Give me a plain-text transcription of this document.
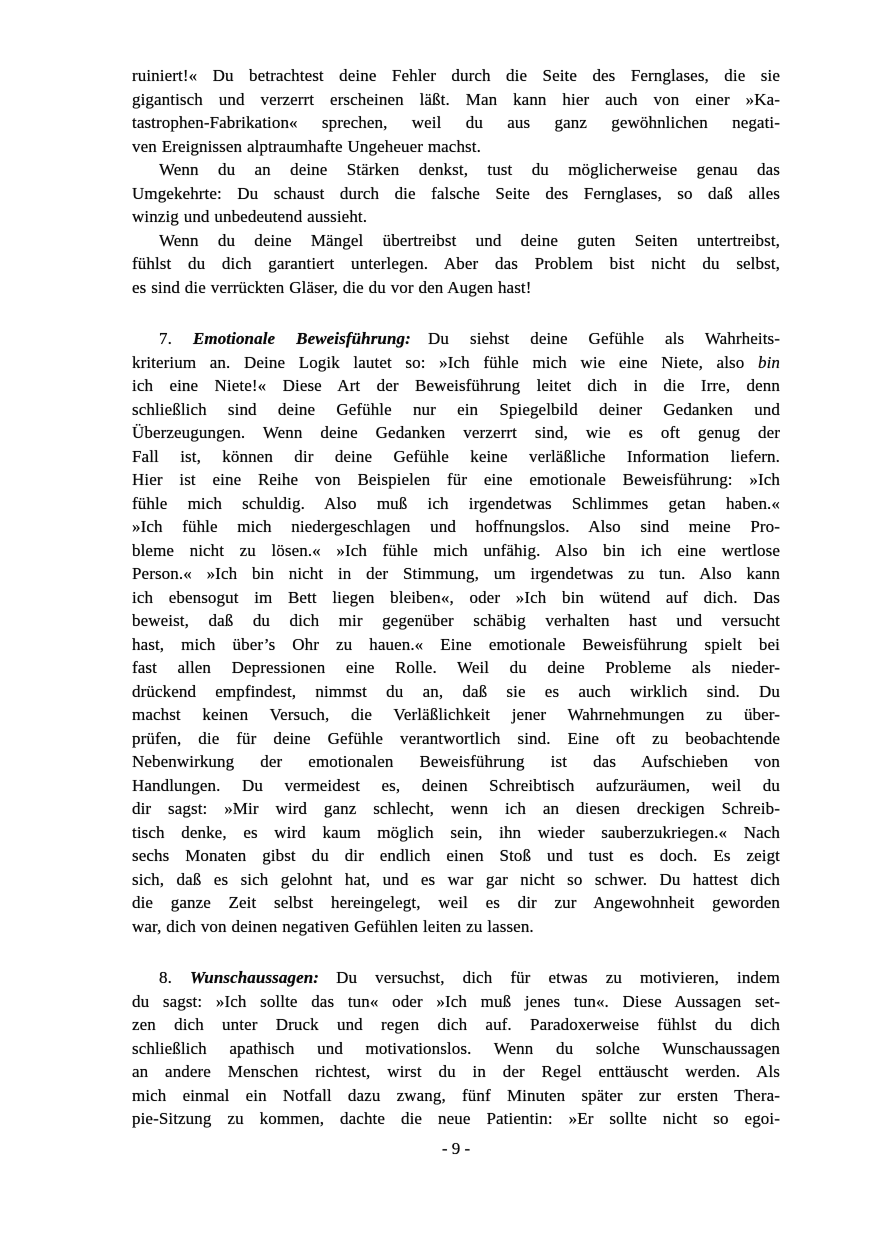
ruiniert!« Du betrachtest deine Fehler durch die Seite des Fernglases, die sie
gigantisch und verzerrt erscheinen läßt. Man kann hier auch von einer »Ka-
tastrophen-Fabrikation« sprechen, weil du aus ganz gewöhnlichen negati-
ven Ereignissen alptraumhafte Ungeheuer machst.
Wenn du an deine Stärken denkst, tust du möglicherweise genau das
Umgekehrte: Du schaust durch die falsche Seite des Fernglases, so daß alles
winzig und unbedeutend aussieht.
Wenn du deine Mängel übertreibst und deine guten Seiten untertreibst,
fühlst du dich garantiert unterlegen. Aber das Problem bist nicht du selbst,
es sind die verrückten Gläser, die du vor den Augen hast!
7. Emotionale Beweisführung: Du siehst deine Gefühle als Wahrheits-
kriterium an. Deine Logik lautet so: »Ich fühle mich wie eine Niete, also bin
ich eine Niete!« Diese Art der Beweisführung leitet dich in die Irre, denn
schließlich sind deine Gefühle nur ein Spiegelbild deiner Gedanken und
Überzeugungen. Wenn deine Gedanken verzerrt sind, wie es oft genug der
Fall ist, können dir deine Gefühle keine verläßliche Information liefern.
Hier ist eine Reihe von Beispielen für eine emotionale Beweisführung: »Ich
fühle mich schuldig. Also muß ich irgendetwas Schlimmes getan haben.«
»Ich fühle mich niedergeschlagen und hoffnungslos. Also sind meine Pro-
bleme nicht zu lösen.« »Ich fühle mich unfähig. Also bin ich eine wertlose
Person.« »Ich bin nicht in der Stimmung, um irgendetwas zu tun. Also kann
ich ebensogut im Bett liegen bleiben«, oder »Ich bin wütend auf dich. Das
beweist, daß du dich mir gegenüber schäbig verhalten hast und versucht
hast, mich über’s Ohr zu hauen.« Eine emotionale Beweisführung spielt bei
fast allen Depressionen eine Rolle. Weil du deine Probleme als nieder-
drückend empfindest, nimmst du an, daß sie es auch wirklich sind. Du
machst keinen Versuch, die Verläßlichkeit jener Wahrnehmungen zu über-
prüfen, die für deine Gefühle verantwortlich sind. Eine oft zu beobachtende
Nebenwirkung der emotionalen Beweisführung ist das Aufschieben von
Handlungen. Du vermeidest es, deinen Schreibtisch aufzuräumen, weil du
dir sagst: »Mir wird ganz schlecht, wenn ich an diesen dreckigen Schreib-
tisch denke, es wird kaum möglich sein, ihn wieder sauberzukriegen.« Nach
sechs Monaten gibst du dir endlich einen Stoß und tust es doch. Es zeigt
sich, daß es sich gelohnt hat, und es war gar nicht so schwer. Du hattest dich
die ganze Zeit selbst hereingelegt, weil es dir zur Angewohnheit geworden
war, dich von deinen negativen Gefühlen leiten zu lassen.
8. Wunschaussagen: Du versuchst, dich für etwas zu motivieren, indem
du sagst: »Ich sollte das tun« oder »Ich muß jenes tun«. Diese Aussagen set-
zen dich unter Druck und regen dich auf. Paradoxerweise fühlst du dich
schließlich apathisch und motivationslos. Wenn du solche Wunschaussagen
an andere Menschen richtest, wirst du in der Regel enttäuscht werden. Als
mich einmal ein Notfall dazu zwang, fünf Minuten später zur ersten Thera-
pie-Sitzung zu kommen, dachte die neue Patientin: »Er sollte nicht so egoi-
- 9 -
